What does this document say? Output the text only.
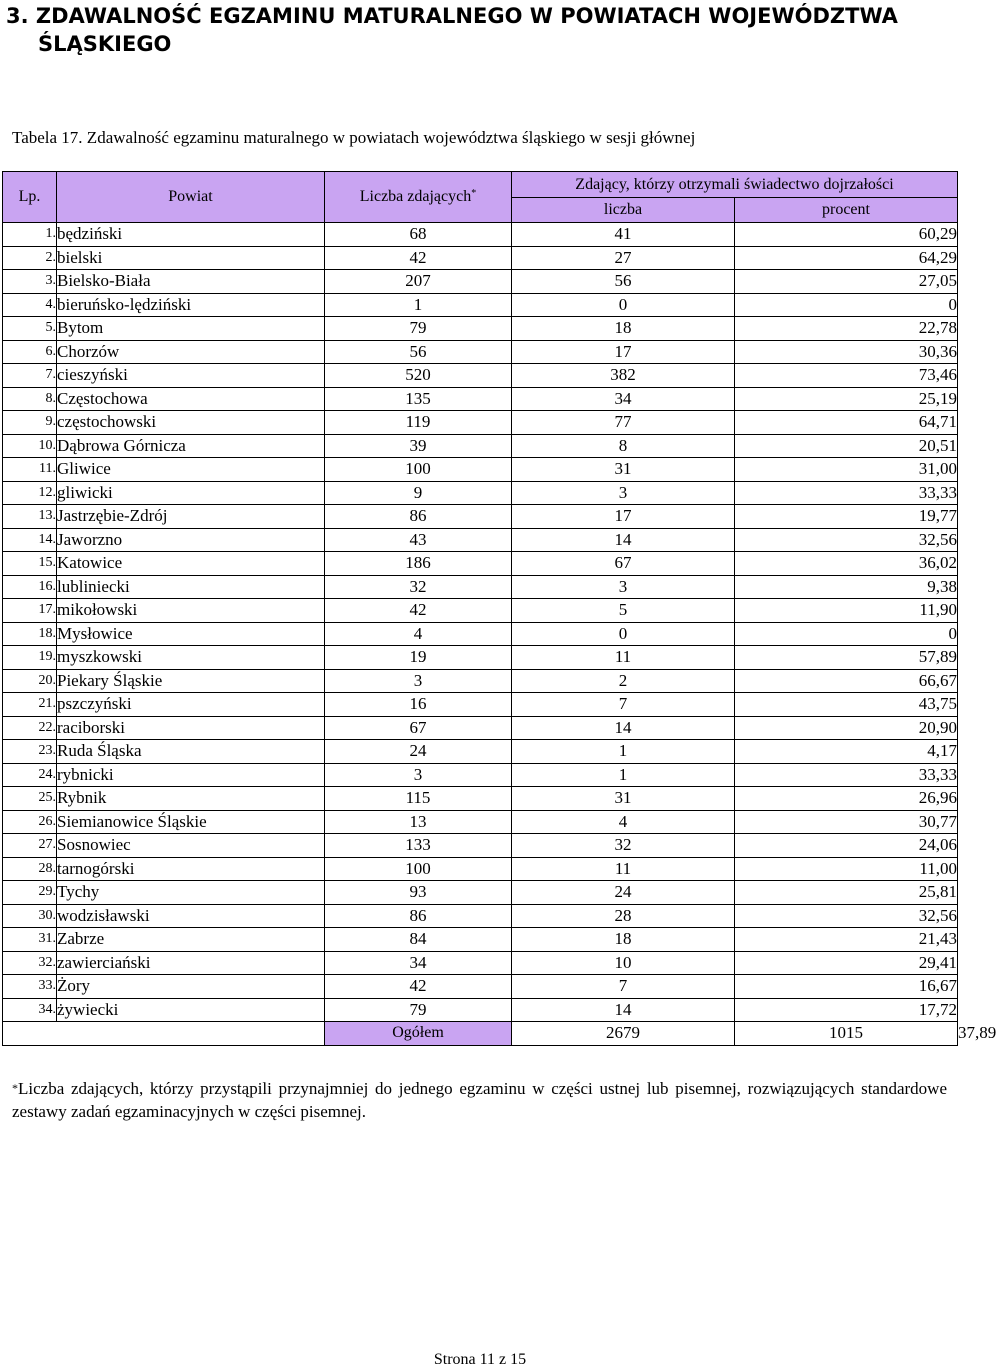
3. ZDAWALNOŚĆ EGZAMINU MATURALNEGO W POWIATACH WOJEWÓDZTWA
ŚLĄSKIEGO

Tabela 17. Zdawalność egzaminu maturalnego w powiatach województwa śląskiego w sesji głównej

Lp.	Powiat	Liczba zdających*	Zdający, którzy otrzymali świadectwo dojrzałości		
			liczba	procent	
1.	będziński	68	41	60,29	
2.	bielski	42	27	64,29	
3.	Bielsko-Biała	207	56	27,05	
4.	bieruńsko-lędziński	1	0	0	
5.	Bytom	79	18	22,78	
6.	Chorzów	56	17	30,36	
7.	cieszyński	520	382	73,46	
8.	Częstochowa	135	34	25,19	
9.	częstochowski	119	77	64,71	
10.	Dąbrowa Górnicza	39	8	20,51	
11.	Gliwice	100	31	31,00	
12.	gliwicki	9	3	33,33	
13.	Jastrzębie-Zdrój	86	17	19,77	
14.	Jaworzno	43	14	32,56	
15.	Katowice	186	67	36,02	
16.	lubliniecki	32	3	9,38	
17.	mikołowski	42	5	11,90	
18.	Mysłowice	4	0	0	
19.	myszkowski	19	11	57,89	
20.	Piekary Śląskie	3	2	66,67	
21.	pszczyński	16	7	43,75	
22.	raciborski	67	14	20,90	
23.	Ruda Śląska	24	1	4,17	
24.	rybnicki	3	1	33,33	
25.	Rybnik	115	31	26,96	
26.	Siemianowice Śląskie	13	4	30,77	
27.	Sosnowiec	133	32	24,06	
28.	tarnogórski	100	11	11,00	
29.	Tychy	93	24	25,81	
30.	wodzisławski	86	28	32,56	
31.	Zabrze	84	18	21,43	
32.	zawierciański	34	10	29,41	
33.	Żory	42	7	16,67	
34.	żywiecki	79	14	17,72	
		Ogółem	2679	1015	37,89

*Liczba zdających, którzy przystąpili przynajmniej do jednego egzaminu w części ustnej lub pisemnej, rozwiązujących standardowe zestawy zadań egzaminacyjnych w części pisemnej.

Strona 11 z 15
